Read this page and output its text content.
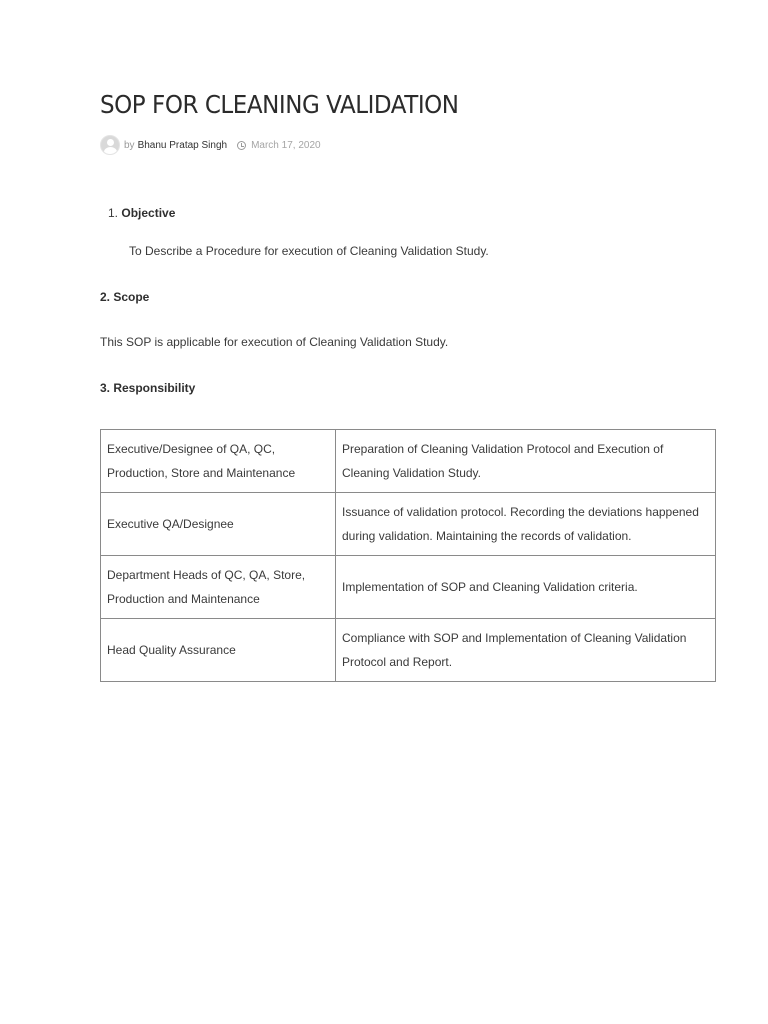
SOP FOR CLEANING VALIDATION
by Bhanu Pratap Singh March 17, 2020
1. Objective

To Describe a Procedure for execution of Cleaning Validation Study.

2. Scope

This SOP is applicable for execution of Cleaning Validation Study.

3. Responsibility
Executive/Designee of QA, QC, Production, Store and Maintenance	Preparation of Cleaning Validation Protocol and Execution of Cleaning Validation Study.
Executive QA/Designee	Issuance of validation protocol. Recording the deviations happened during validation. Maintaining the records of validation.
Department Heads of QC, QA, Store, Production and Maintenance	Implementation of SOP and Cleaning Validation criteria.
Head Quality Assurance	Compliance with SOP and Implementation of Cleaning Validation Protocol and Report.
